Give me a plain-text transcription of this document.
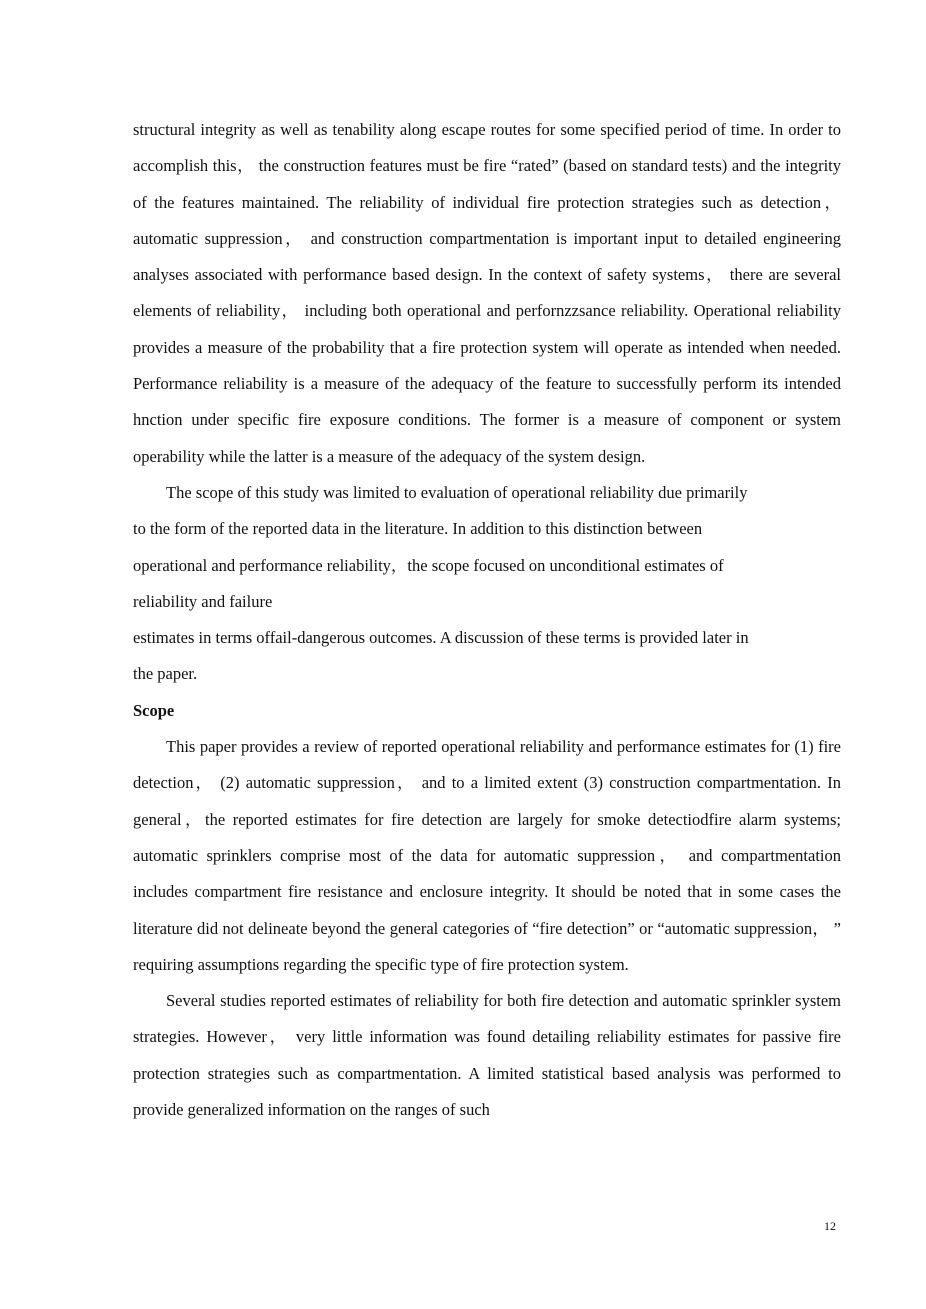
structural integrity as well as tenability along escape routes for some specified period of time. In order to accomplish this， the construction features must be fire “rated” (based on standard tests) and the integrity of the features maintained. The reliability of individual fire protection strategies such as detection， automatic suppression， and construction compartmentation is important input to detailed engineering analyses associated with performance based design. In the context of safety systems， there are several elements of reliability， including both operational and perfornzzsance reliability. Operational reliability provides a measure of the probability that a fire protection system will operate as intended when needed. Performance reliability is a measure of the adequacy of the feature to successfully perform its intended hnction under specific fire exposure conditions. The former is a measure of component or system operability while the latter is a measure of the adequacy of the system design.

The scope of this study was limited to evaluation of operational reliability due primarily

to the form of the reported data in the literature. In addition to this distinction between

operational and performance reliability，the scope focused on unconditional estimates of

reliability and failure

estimates in terms offail-dangerous outcomes. A discussion of these terms is provided later in

the paper.

Scope

This paper provides a review of reported operational reliability and performance estimates for (1) fire detection， (2) automatic suppression， and to a limited extent (3) construction compartmentation. In general，the reported estimates for fire detection are largely for smoke detectiodfire alarm systems; automatic sprinklers comprise most of the data for automatic suppression， and compartmentation includes compartment fire resistance and enclosure integrity. It should be noted that in some cases the literature did not delineate beyond the general categories of “fire detection” or “automatic suppression， ” requiring assumptions regarding the specific type of fire protection system.

Several studies reported estimates of reliability for both fire detection and automatic sprinkler system strategies. However， very little information was found detailing reliability estimates for passive fire protection strategies such as compartmentation. A limited statistical based analysis was performed to provide generalized information on the ranges of such

12
